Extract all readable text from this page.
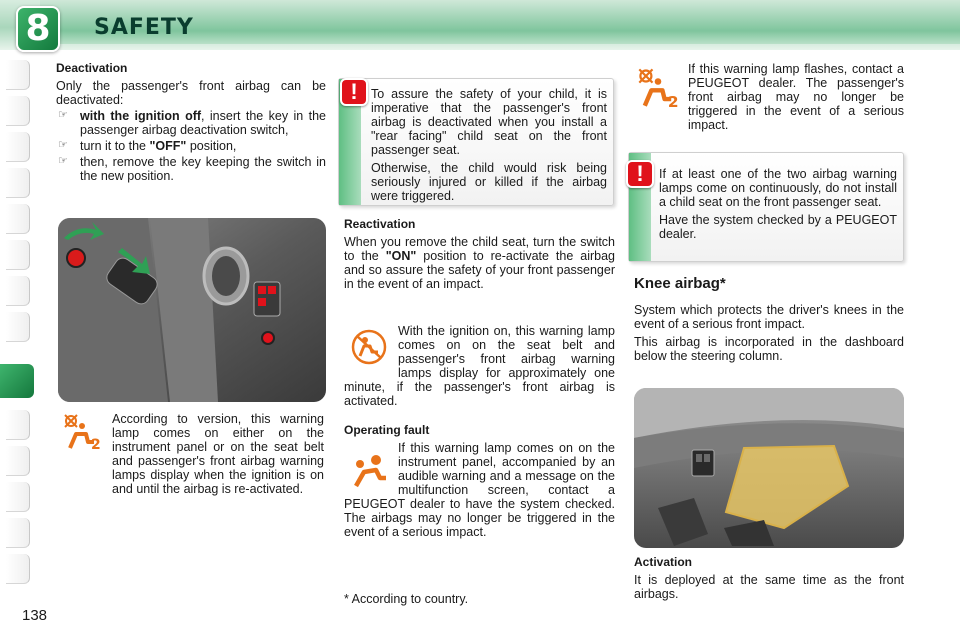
8	SAFETY
Deactivation

Only the passenger's front airbag can be deactivated:

☞ with the ignition off, insert the key in the passenger airbag deactivation switch,
☞ turn it to the "OFF" position,
☞ then, remove the key keeping the switch in the new position.
2

According to version, this warning lamp comes on either on the instrument panel or on the seat belt and passenger's front airbag warning lamps display when the ignition is on and until the airbag is re-activated.

To assure the safety of your child, it is imperative that the passenger's front airbag is deactivated when you install a "rear facing" child seat on the front passenger seat.

Otherwise, the child would risk being seriously injured or killed if the airbag were triggered.

!
Reactivation

When you remove the child seat, turn the switch to the "ON" position to re-activate the airbag and so assure the safety of your front passenger in the event of an impact.

With the ignition on, this warning lamp comes on on the seat belt and passenger's front airbag warning lamps display for approximately one minute, if the passenger's front airbag is activated.

Operating fault

If this warning lamp comes on on the instrument panel, accompanied by an audible warning and a message on the multifunction screen, contact a PEUGEOT dealer to have the system checked. The airbags may no longer be triggered in the event of a serious impact.

* According to country.

2

If this warning lamp flashes, contact a PEUGEOT dealer. The passenger's front airbag may no longer be triggered in the event of a serious impact.

If at least one of the two airbag warning lamps come on continuously, do not install a child seat on the front passenger seat.

Have the system checked by a PEUGEOT dealer.

!
Knee airbag*

System which protects the driver's knees in the event of a serious front impact.

This airbag is incorporated in the dashboard below the steering column.

Activation

It is deployed at the same time as the front airbags.

138
